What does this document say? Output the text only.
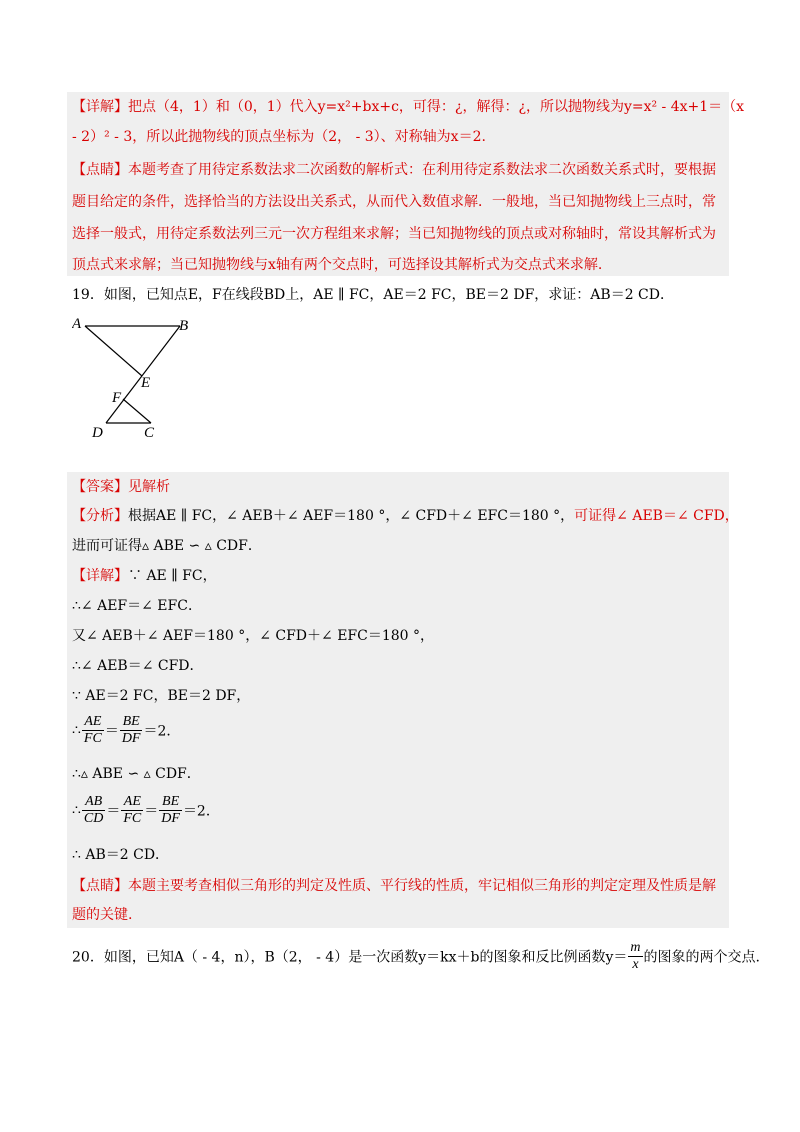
【详解】把点（4，1）和（0，1）代入y=x²+bx+c，可得：¿，解得：¿，所以抛物线为y=x² - 4x+1＝（x
- 2）² - 3，所以此抛物线的顶点坐标为（2， - 3）、对称轴为x＝2.
【点睛】本题考查了用待定系数法求二次函数的解析式：在利用待定系数法求二次函数关系式时，要根据
题目给定的条件，选择恰当的方法设出关系式，从而代入数值求解．一般地，当已知抛物线上三点时，常
选择一般式，用待定系数法列三元一次方程组来求解；当已知抛物线的顶点或对称轴时，常设其解析式为
顶点式来求解；当已知抛物线与x轴有两个交点时，可选择设其解析式为交点式来求解.
19．如图，已知点E，F在线段BD上，AE ∥ FC，AE＝2 FC，BE＝2 DF，求证：AB＝2 CD．
A	B
E
F
D	C
【答案】见解析
【分析】根据AE ∥ FC，∠ AEB＋∠ AEF＝180 °，∠ CFD＋∠ EFC＝180 °，可证得∠ AEB＝∠ CFD，
进而可证得▵ ABE ∽ ▵ CDF．
【详解】∵ AE ∥ FC，
∴∠ AEF＝∠ EFC．
又∠ AEB＋∠ AEF＝180 °，∠ CFD＋∠ EFC＝180 °，
∴∠ AEB＝∠ CFD．
∵ AE＝2 FC，BE＝2 DF，
∴ $\frac{AE}{FC} = \frac{BE}{DF} =2$．
∴▵ ABE ∽ ▵ CDF．
∴ $\frac{AB}{CD} = \frac{AE}{FC} = \frac{BE}{DF} =2$．
∴ AB＝2 CD．
【点睛】本题主要考查相似三角形的判定及性质、平行线的性质，牢记相似三角形的判定定理及性质是解
题的关键.
20．如图，已知A（ - 4，n），B（2， - 4）是一次函数y＝kx＋b的图象和反比例函数$y= \frac{m}{x}$ 的图象的两个交点.
